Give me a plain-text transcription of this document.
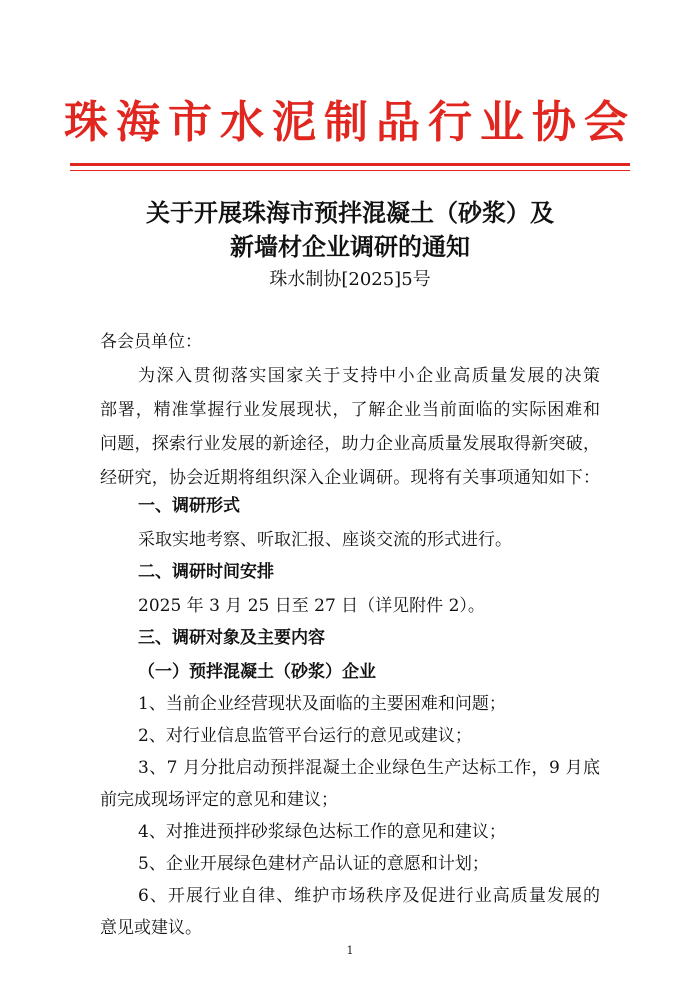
珠海市水泥制品行业协会
关于开展珠海市预拌混凝土（砂浆）及
新墙材企业调研的通知
珠水制协[2025]5号
各会员单位：
为深入贯彻落实国家关于支持中小企业高质量发展的决策
部署，精准掌握行业发展现状，了解企业当前面临的实际困难和
问题，探索行业发展的新途径，助力企业高质量发展取得新突破，
经研究，协会近期将组织深入企业调研。现将有关事项通知如下：
一、调研形式
采取实地考察、听取汇报、座谈交流的形式进行。
二、调研时间安排
2025 年 3 月 25 日至 27 日（详见附件 2）。
三、调研对象及主要内容
（一）预拌混凝土（砂浆）企业
1、当前企业经营现状及面临的主要困难和问题；
2、对行业信息监管平台运行的意见或建议；
3、7 月分批启动预拌混凝土企业绿色生产达标工作，9 月底
前完成现场评定的意见和建议；
4、对推进预拌砂浆绿色达标工作的意见和建议；
5、企业开展绿色建材产品认证的意愿和计划；
6、开展行业自律、维护市场秩序及促进行业高质量发展的
意见或建议。
1
